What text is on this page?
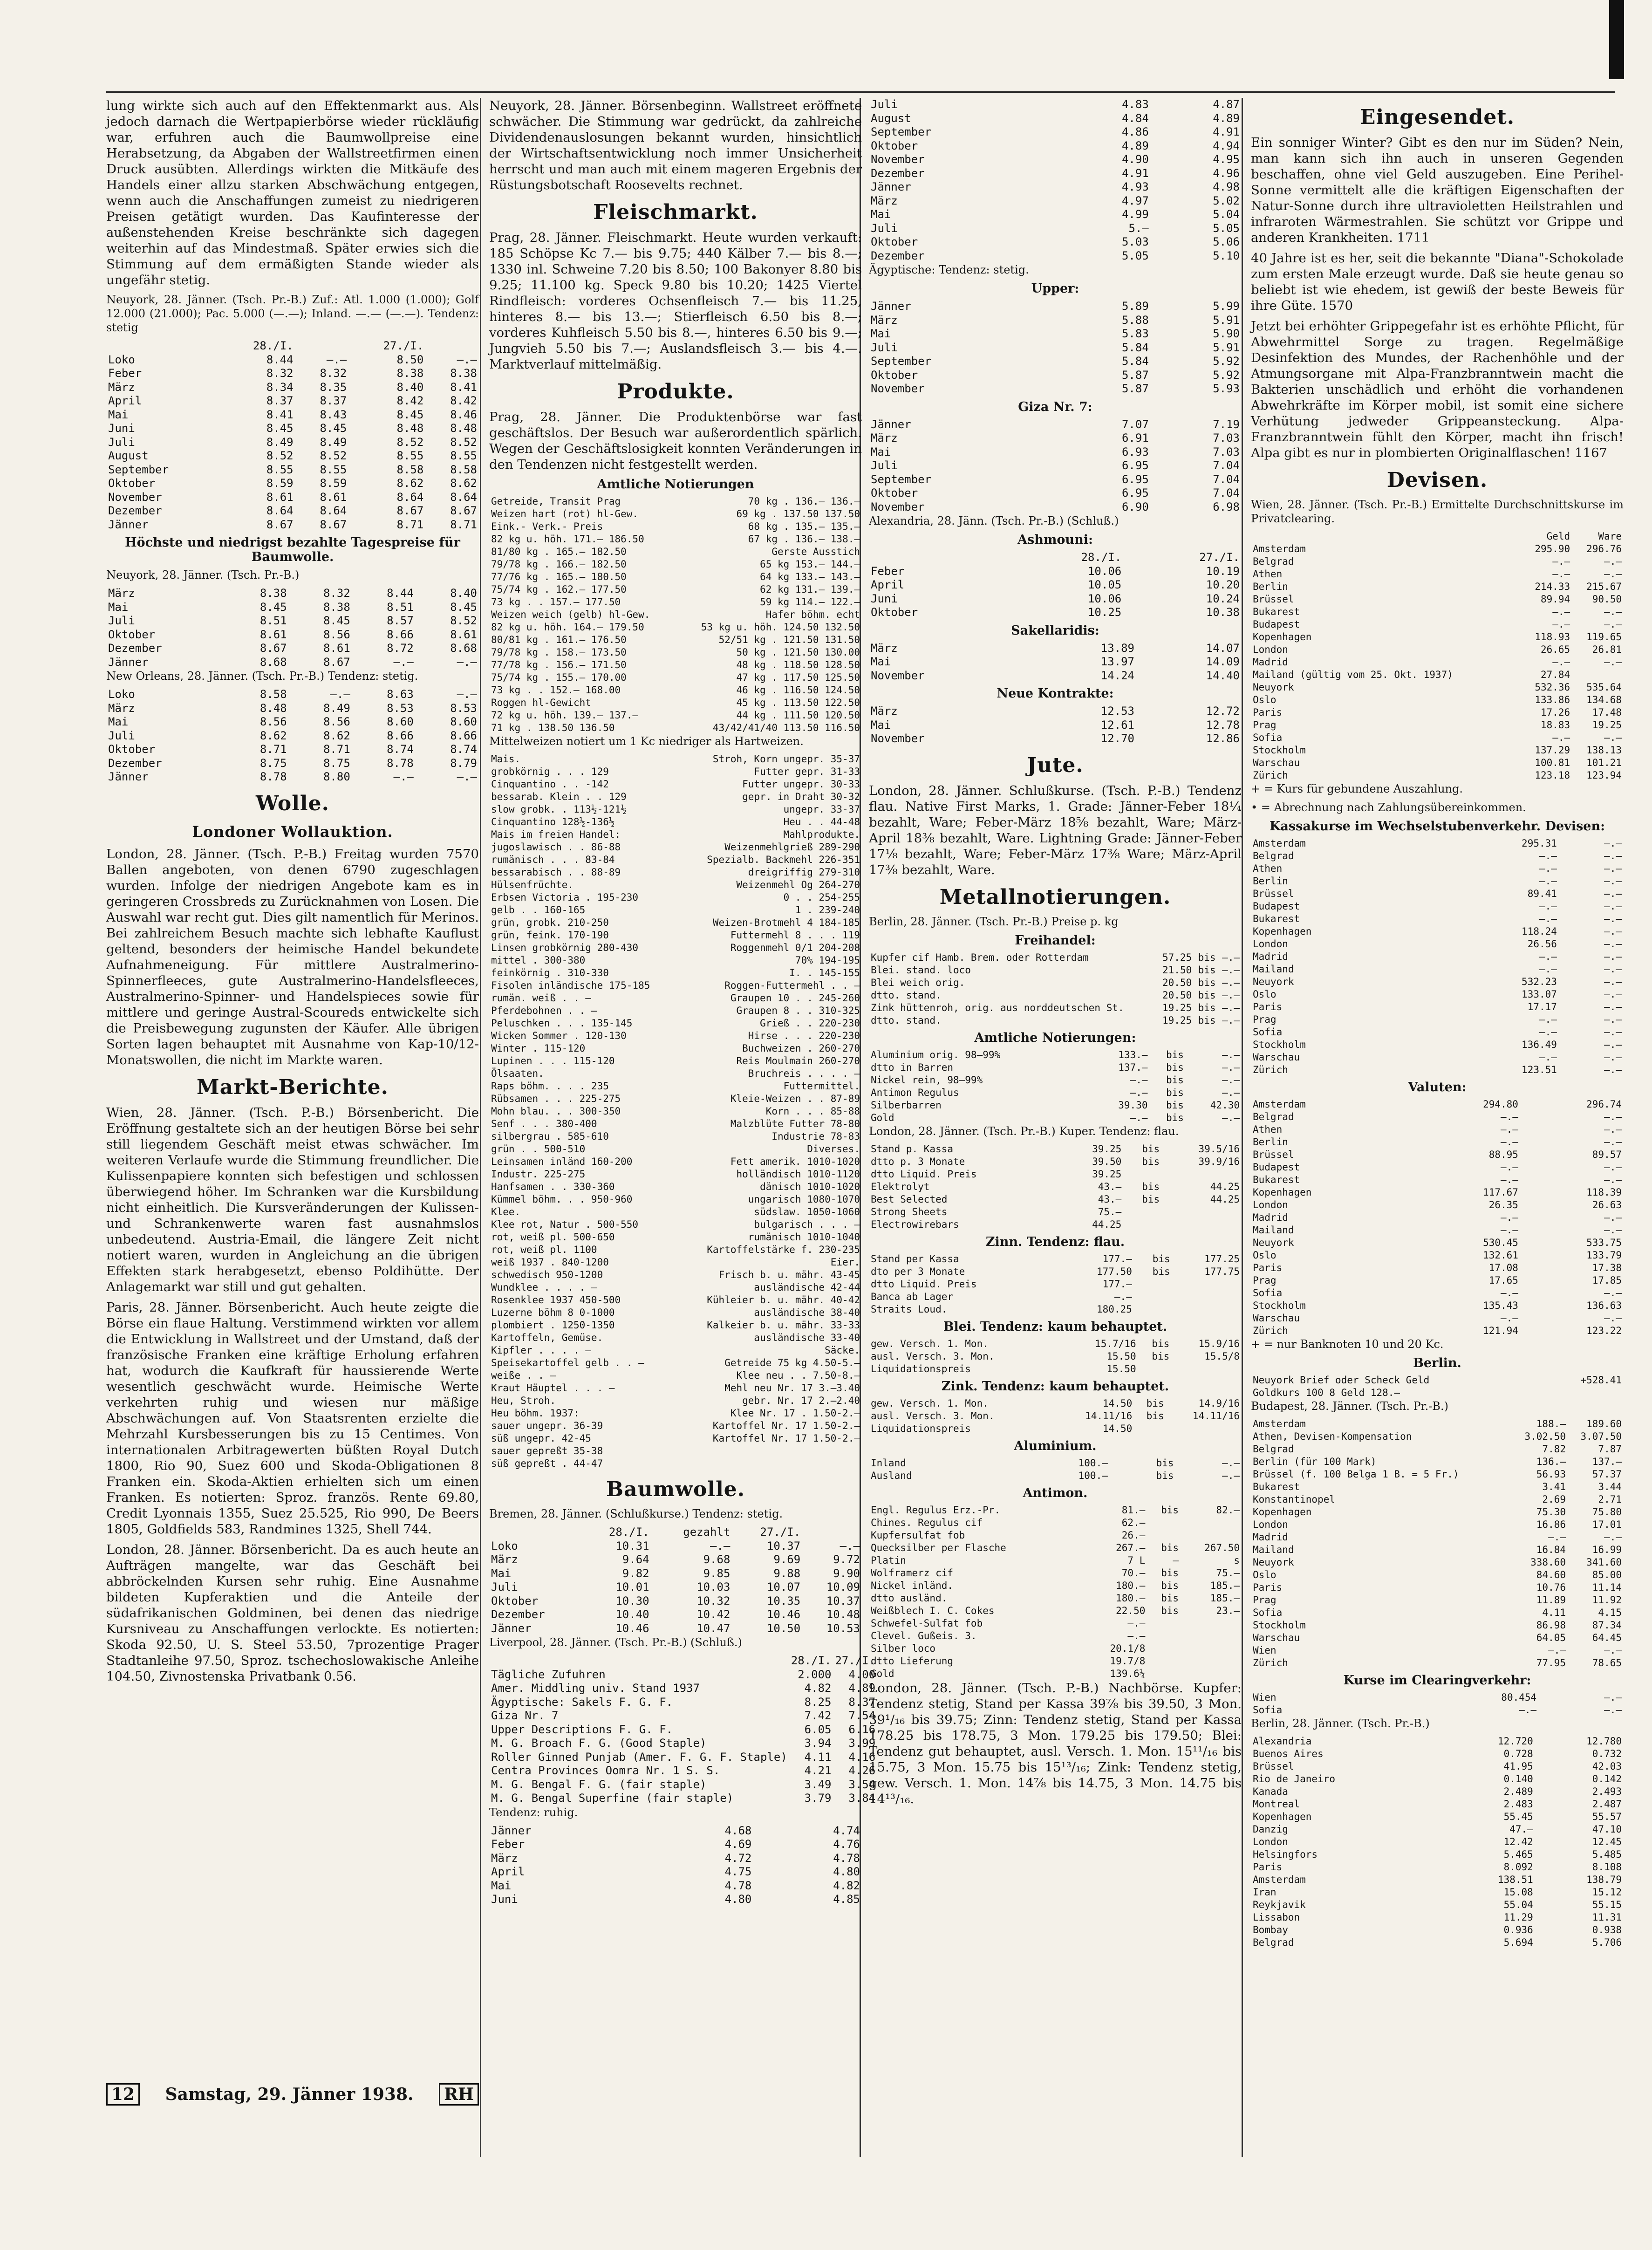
lung wirkte sich auch auf den Effektenmarkt aus. Als jedoch darnach die Wertpapierbörse wieder rückläufig war, erfuhren auch die Baumwollpreise eine Herabsetzung, da Abgaben der Wallstreetfirmen einen Druck ausübten. Allerdings wirkten die Mitkäufe des Handels einer allzu starken Abschwächung entgegen, wenn auch die Anschaffungen zumeist zu niedrigeren Preisen getätigt wurden. Das Kaufinteresse der außenstehenden Kreise beschränkte sich dagegen weiterhin auf das Mindestmaß. Später erwies sich die Stimmung auf dem ermäßigten Stande wieder als ungefähr stetig.

Neuyork, 28. Jänner. (Tsch. Pr.-B.) Zuf.: Atl. 1.000 (1.000); Golf 12.000 (21.000); Pac. 5.000 (—.—); Inland. —.— (—.—). Tendenz: stetig

	28./I.		27./I.	
Loko	8.44	—.—	8.50	—.—
Feber	8.32	8.32	8.38	8.38
März	8.34	8.35	8.40	8.41
April	8.37	8.37	8.42	8.42
Mai	8.41	8.43	8.45	8.46
Juni	8.45	8.45	8.48	8.48
Juli	8.49	8.49	8.52	8.52
August	8.52	8.52	8.55	8.55
September	8.55	8.55	8.58	8.58
Oktober	8.59	8.59	8.62	8.62
November	8.61	8.61	8.64	8.64
Dezember	8.64	8.64	8.67	8.67
Jänner	8.67	8.67	8.71	8.71

Höchste und niedrigst bezahlte Tagespreise für Baumwolle.

Neuyork, 28. Jänner. (Tsch. Pr.-B.)

März	8.38	8.32	8.44	8.40
Mai	8.45	8.38	8.51	8.45
Juli	8.51	8.45	8.57	8.52
Oktober	8.61	8.56	8.66	8.61
Dezember	8.67	8.61	8.72	8.68
Jänner	8.68	8.67	—.—	—.—

New Orleans, 28. Jänner. (Tsch. Pr.-B.) Tendenz: stetig.

Loko	8.58	—.—	8.63	—.—
März	8.48	8.49	8.53	8.53
Mai	8.56	8.56	8.60	8.60
Juli	8.62	8.62	8.66	8.66
Oktober	8.71	8.71	8.74	8.74
Dezember	8.75	8.75	8.78	8.79
Jänner	8.78	8.80	—.—	—.—
Wolle.
Londoner Wollauktion.

London, 28. Jänner. (Tsch. P.-B.) Freitag wurden 7570 Ballen angeboten, von denen 6790 zugeschlagen wurden. Infolge der niedrigen Angebote kam es in geringeren Crossbreds zu Zurücknahmen von Losen. Die Auswahl war recht gut. Dies gilt namentlich für Merinos. Bei zahlreichem Besuch machte sich lebhafte Kauflust geltend, besonders der heimische Handel bekundete Aufnahmeneigung. Für mittlere Australmerino-Spinnerfleeces, gute Australmerino-Handelsfleeces, Australmerino-Spinner- und Handelspieces sowie für mittlere und geringe Austral-Scoureds entwickelte sich die Preisbewegung zugunsten der Käufer. Alle übrigen Sorten lagen behauptet mit Ausnahme von Kap-10/12-Monatswollen, die nicht im Markte waren.

Markt-Berichte.

Wien, 28. Jänner. (Tsch. P.-B.) Börsenbericht. Die Eröffnung gestaltete sich an der heutigen Börse bei sehr still liegendem Geschäft meist etwas schwächer. Im weiteren Verlaufe wurde die Stimmung freundlicher. Die Kulissenpapiere konnten sich befestigen und schlossen überwiegend höher. Im Schranken war die Kursbildung nicht einheitlich. Die Kursveränderungen der Kulissen- und Schrankenwerte waren fast ausnahmslos unbedeutend. Austria-Email, die längere Zeit nicht notiert waren, wurden in Angleichung an die übrigen Effekten stark herabgesetzt, ebenso Poldihütte. Der Anlagemarkt war still und gut gehalten.

Paris, 28. Jänner. Börsenbericht. Auch heute zeigte die Börse ein flaue Haltung. Verstimmend wirkten vor allem die Entwicklung in Wallstreet und der Umstand, daß der französische Franken eine kräftige Erholung erfahren hat, wodurch die Kaufkraft für haussierende Werte wesentlich geschwächt wurde. Heimische Werte verkehrten ruhig und wiesen nur mäßige Abschwächungen auf. Von Staatsrenten erzielte die Mehrzahl Kursbesserungen bis zu 15 Centimes. Von internationalen Arbitragewerten büßten Royal Dutch 1800, Rio 90, Suez 600 und Skoda-Obligationen 8 Franken ein. Skoda-Aktien erhielten sich um einen Franken. Es notierten: Sproz. französ. Rente 69.80, Credit Lyonnais 1355, Suez 25.525, Rio 990, De Beers 1805, Goldfields 583, Randmines 1325, Shell 744.

London, 28. Jänner. Börsenbericht. Da es auch heute an Aufträgen mangelte, war das Geschäft bei abbröckelnden Kursen sehr ruhig. Eine Ausnahme bildeten Kupferaktien und die Anteile der südafrikanischen Goldminen, bei denen das niedrige Kursniveau zu Anschaffungen verlockte. Es notierten: Skoda 92.50, U. S. Steel 53.50, 7prozentige Prager Stadtanleihe 97.50, Sproz. tschechoslowakische Anleihe 104.50, Zivnostenska Privatbank 0.56.

12	Samstag, 29. Jänner 1938.	RH

Neuyork, 28. Jänner. Börsenbeginn. Wallstreet eröffnete schwächer. Die Stimmung war gedrückt, da zahlreiche Dividendenauslosungen bekannt wurden, hinsichtlich der Wirtschaftsentwicklung noch immer Unsicherheit herrscht und man auch mit einem mageren Ergebnis der Rüstungsbotschaft Roosevelts rechnet.

Fleischmarkt.

Prag, 28. Jänner. Fleischmarkt. Heute wurden verkauft: 185 Schöpse Kc 7.— bis 9.75; 440 Kälber 7.— bis 8.—; 1330 inl. Schweine 7.20 bis 8.50; 100 Bakonyer 8.80 bis 9.25; 11.100 kg. Speck 9.80 bis 10.20; 1425 Viertel Rindfleisch: vorderes Ochsenfleisch 7.— bis 11.25, hinteres 8.— bis 13.—; Stierfleisch 6.50 bis 8.—; vorderes Kuhfleisch 5.50 bis 8.—, hinteres 6.50 bis 9.—; Jungvieh 5.50 bis 7.—; Auslandsfleisch 3.— bis 4.—. Marktverlauf mittelmäßig.

Produkte.

Prag, 28. Jänner. Die Produktenbörse war fast geschäftslos. Der Besuch war außerordentlich spärlich. Wegen der Geschäftslosigkeit konnten Veränderungen in den Tendenzen nicht festgestellt werden.

Amtliche Notierungen

Getreide, Transit Prag	70 kg . 136.— 136.—
Weizen hart (rot) hl-Gew.	69 kg . 137.50 137.50
Eink.- Verk.- Preis	68 kg . 135.— 135.—
82 kg u. höh. 171.— 186.50	67 kg . 136.— 138.—
81/80 kg . 165.— 182.50	Gerste Ausstich
79/78 kg . 166.— 182.50	65 kg 153.— 144.—
77/76 kg . 165.— 180.50	64 kg 133.— 143.—
75/74 kg . 162.— 177.50	62 kg 131.— 139.—
73 kg . . 157.— 177.50	59 kg 114.— 122.—
Weizen weich (gelb) hl-Gew.	Hafer böhm. echt
82 kg u. höh. 164.— 179.50	53 kg u. höh. 124.50 132.50
80/81 kg . 161.— 176.50	52/51 kg . 121.50 131.50
79/78 kg . 158.— 173.50	50 kg . 121.50 130.00
77/78 kg . 156.— 171.50	48 kg . 118.50 128.50
75/74 kg . 155.— 170.00	47 kg . 117.50 125.50
73 kg . . 152.— 168.00	46 kg . 116.50 124.50
Roggen hl-Gewicht	45 kg . 113.50 122.50
72 kg u. höh. 139.— 137.—	44 kg . 111.50 120.50
71 kg . 138.50 136.50	43/42/41/40 113.50 116.50

Mittelweizen notiert um 1 Kc niedriger als Hartweizen.

Mais.	Stroh, Korn ungepr. 35-37
grobkörnig . . . 129	Futter gepr. 31-33
Cinquantino . . -142	Futter ungepr. 30-33
bessarab. Klein . . 129	gepr. in Draht 30-32
slow grobk. . 113½-121½	ungepr. 33-37
Cinquantino 128½-136½	Heu . . 44-48
Mais im freien Handel:	Mahlprodukte.
jugoslawisch . . 86-88	Weizenmehlgrieß 289-290
rumänisch . . . 83-84	Spezialb. Backmehl 226-351
bessarabisch . . 88-89	dreigriffig 279-310
Hülsenfrüchte.	Weizenmehl Og 264-270
Erbsen Victoria . 195-230	0 . . 254-255
gelb . . 160-165	1 . 239-240
grün, grobk. 210-250	Weizen-Brotmehl 4 184-185
grün, feink. 170-190	Futtermehl 8 . . . 119
Linsen grobkörnig 280-430	Roggenmehl 0/1 204-208
mittel . 300-380	70% 194-195
feinkörnig . 310-330	I. . 145-155
Fisolen inländische 175-185	Roggen-Futtermehl . . —
rumän. weiß . . —	Graupen 10 . . 245-260
Pferdebohnen . . —	Graupen 8 . . 310-325
Peluschken . . . 135-145	Grieß . . 220-230
Wicken Sommer . 120-130	Hirse . . . 220-230
Winter . 115-120	Buchweizen . 260-270
Lupinen . . . 115-120	Reis Moulmain 260-270
Ölsaaten.	Bruchreis . . . . —
Raps böhm. . . . 235	Futtermittel.
Rübsamen . . . 225-275	Kleie-Weizen . . 87-89
Mohn blau. . . 300-350	Korn . . . 85-88
Senf . . . 380-400	Malzblüte Futter 78-80
silbergrau . 585-610	Industrie 78-83
grün . . 500-510	Diverses.
Leinsamen inländ 160-200	Fett amerik. 1010-1020
Industr. 225-275	holländisch 1010-1120
Hanfsamen . . 330-360	dänisch 1010-1020
Kümmel böhm. . . 950-960	ungarisch 1080-1070
Klee.	südslaw. 1050-1060
Klee rot, Natur . 500-550	bulgarisch . . . —
rot, weiß pl. 500-650	rumänisch 1010-1040
rot, weiß pl. 1100	Kartoffelstärke f. 230-235
weiß 1937 . 840-1200	Eier.
schwedisch 950-1200	Frisch b. u. mähr. 43-45
Wundklee . . . . —	ausländische 42-44
Rosenklee 1937 450-500	Kühleier b. u. mähr. 40-42
Luzerne böhm 8 0-1000	ausländische 38-40
plombiert . 1250-1350	Kalkeier b. u. mähr. 33-33
Kartoffeln, Gemüse.	ausländische 33-40
Kipfler . . . . —	Säcke.
Speisekartoffel gelb . . —	Getreide 75 kg 4.50-5.—
weiße . . —	Klee neu . . 7.50-8.—
Kraut Häuptel . . . —	Mehl neu Nr. 17 3.—3.40
Heu, Stroh.	gebr. Nr. 17 2.—2.40
Heu böhm. 1937:	Klee Nr. 17 . 1.50-2.—
sauer ungepr. 36-39	Kartoffel Nr. 17 1.50-2.—
süß ungepr. 42-45	Kartoffel Nr. 17 1.50-2.—
sauer gepreßt 35-38	
süß gepreßt . 44-47	
Baumwolle.

Bremen, 28. Jänner. (Schlußkurse.) Tendenz: stetig.

	28./I.	gezahlt	27./I.	
Loko	10.31	—.—	10.37	—.—
März	9.64	9.68	9.69	9.72
Mai	9.82	9.85	9.88	9.90
Juli	10.01	10.03	10.07	10.09
Oktober	10.30	10.32	10.35	10.37
Dezember	10.40	10.42	10.46	10.48
Jänner	10.46	10.47	10.50	10.53

Liverpool, 28. Jänner. (Tsch. Pr.-B.) (Schluß.)

	28./I.	27./I.
Tägliche Zufuhren	2.000	4.00
Amer. Middling univ. Stand 1937	4.82	4.89
Ägyptische: Sakels F. G. F.	8.25	8.37
Giza Nr. 7	7.42	7.54
Upper Descriptions F. G. F.	6.05	6.16
M. G. Broach F. G. (Good Staple)	3.94	3.99
Roller Ginned Punjab (Amer. F. G. F. Staple)	4.11	4.16
Centra Provinces Oomra Nr. 1 S. S.	4.21	4.26
M. G. Bengal F. G. (fair staple)	3.49	3.54
M. G. Bengal Superfine (fair staple)	3.79	3.84

Tendenz: ruhig.

Jänner	4.68	4.74
Feber	4.69	4.76
März	4.72	4.78
April	4.75	4.80
Mai	4.78	4.82
Juni	4.80	4.85
Juli	4.83	4.87
August	4.84	4.89
September	4.86	4.91
Oktober	4.89	4.94
November	4.90	4.95
Dezember	4.91	4.96
Jänner	4.93	4.98
März	4.97	5.02
Mai	4.99	5.04
Juli	5.—	5.05
Oktober	5.03	5.06
Dezember	5.05	5.10

Ägyptische: Tendenz: stetig.

Upper:

Jänner	5.89	5.99
März	5.88	5.91
Mai	5.83	5.90
Juli	5.84	5.91
September	5.84	5.92
Oktober	5.87	5.92
November	5.87	5.93

Giza Nr. 7:

Jänner	7.07	7.19
März	6.91	7.03
Mai	6.93	7.03
Juli	6.95	7.04
September	6.95	7.04
Oktober	6.95	7.04
November	6.90	6.98

Alexandria, 28. Jänn. (Tsch. Pr.-B.) (Schluß.)

Ashmouni:

	28./I.	27./I.
Feber	10.06	10.19
April	10.05	10.20
Juni	10.06	10.24
Oktober	10.25	10.38

Sakellaridis:

März	13.89	14.07
Mai	13.97	14.09
November	14.24	14.40

Neue Kontrakte:

März	12.53	12.72
Mai	12.61	12.78
November	12.70	12.86
Jute.

London, 28. Jänner. Schlußkurse. (Tsch. P.-B.) Tendenz flau. Native First Marks, 1. Grade: Jänner-Feber 18¼ bezahlt, Ware; Feber-März 18⅝ bezahlt, Ware; März-April 18⅜ bezahlt, Ware. Lightning Grade: Jänner-Feber 17⅛ bezahlt, Ware; Feber-März 17⅜ Ware; März-April 17⅜ bezahlt, Ware.

Metallnotierungen.

Berlin, 28. Jänner. (Tsch. Pr.-B.) Preise p. kg

Freihandel:

Kupfer cif Hamb. Brem. oder Rotterdam	57.25	bis	—.—
Blei. stand. loco	21.50	bis	—.—
Blei weich orig.	20.50	bis	—.—
dtto. stand.	20.50	bis	—.—
Zink hüttenroh, orig. aus norddeutschen St.	19.25	bis	—.—
dtto. stand.	19.25	bis	—.—

Amtliche Notierungen:

Aluminium orig. 98—99%	133.—	bis	—.—
dtto in Barren	137.—	bis	—.—
Nickel rein, 98—99%	—.—	bis	—.—
Antimon Regulus	—.—	bis	—.—
Silberbarren	39.30	bis	42.30
Gold	—.—	bis	—.—

London, 28. Jänner. (Tsch. Pr.-B.) Kuper. Tendenz: flau.

Stand p. Kassa	39.25	bis	39.5/16
dtto p. 3 Monate	39.50	bis	39.9/16
dtto Liquid. Preis	39.25		
Elektrolyt	43.—	bis	44.25
Best Selected	43.—	bis	44.25
Strong Sheets	75.—		
Electrowirebars	44.25		

Zinn. Tendenz: flau.

Stand per Kassa	177.—	bis	177.25
dto per 3 Monate	177.50	bis	177.75
dtto Liquid. Preis	177.—		
Banca ab Lager	—.—		
Straits Loud.	180.25		

Blei. Tendenz: kaum behauptet.

gew. Versch. 1. Mon.	15.7/16	bis	15.9/16
ausl. Versch. 3. Mon.	15.50	bis	15.5/8
Liquidationspreis	15.50		

Zink. Tendenz: kaum behauptet.

gew. Versch. 1. Mon.	14.50	bis	14.9/16
ausl. Versch. 3. Mon.	14.11/16	bis	14.11/16
Liquidationspreis	14.50		

Aluminium.

Inland	100.—	bis	—.—
Ausland	100.—	bis	—.—

Antimon.

Engl. Regulus Erz.-Pr.	81.—	bis	82.—
Chines. Regulus cif	62.—		
Kupfersulfat fob	26.—		
Quecksilber per Flasche	267.—	bis	267.50
Platin	7 L	—	s
Wolframerz cif	70.—	bis	75.—
Nickel inländ.	180.—	bis	185.—
dtto ausländ.	180.—	bis	185.—
Weißblech I. C. Cokes	22.50	bis	23.—
Schwefel-Sulfat fob	—.—		
Clevel. Gußeis. 3.	—.—		
Silber loco	20.1/8		
dtto Lieferung	19.7/8		
Gold	139.6¼		

London, 28. Jänner. (Tsch. P.-B.) Nachbörse. Kupfer: Tendenz stetig, Stand per Kassa 39⅞ bis 39.50, 3 Mon. 39¹/₁₆ bis 39.75; Zinn: Tendenz stetig, Stand per Kassa 178.25 bis 178.75, 3 Mon. 179.25 bis 179.50; Blei: Tendenz gut behauptet, ausl. Versch. 1. Mon. 15¹¹/₁₆ bis 15.75, 3 Mon. 15.75 bis 15¹³/₁₆; Zink: Tendenz stetig, gew. Versch. 1. Mon. 14⅞ bis 14.75, 3 Mon. 14.75 bis 14¹³/₁₆.

Eingesendet.

Ein sonniger Winter? Gibt es den nur im Süden? Nein, man kann sich ihn auch in unseren Gegenden beschaffen, ohne viel Geld auszugeben. Eine Perihel-Sonne vermittelt alle die kräftigen Eigenschaften der Natur-Sonne durch ihre ultravioletten Heilstrahlen und infraroten Wärmestrahlen. Sie schützt vor Grippe und anderen Krankheiten. 1711

40 Jahre ist es her, seit die bekannte "Diana"-Schokolade zum ersten Male erzeugt wurde. Daß sie heute genau so beliebt ist wie ehedem, ist gewiß der beste Beweis für ihre Güte. 1570

Jetzt bei erhöhter Grippegefahr ist es erhöhte Pflicht, für Abwehrmittel Sorge zu tragen. Regelmäßige Desinfektion des Mundes, der Rachenhöhle und der Atmungsorgane mit Alpa-Franzbranntwein macht die Bakterien unschädlich und erhöht die vorhandenen Abwehrkräfte im Körper mobil, ist somit eine sichere Verhütung jedweder Grippeansteckung. Alpa-Franzbranntwein fühlt den Körper, macht ihn frisch! Alpa gibt es nur in plombierten Originalflaschen! 1167

Devisen.

Wien, 28. Jänner. (Tsch. Pr.-B.) Ermittelte Durchschnittskurse im Privatclearing.

	Geld	Ware
Amsterdam	295.90	296.76
Belgrad	—.—	—.—
Athen	—.—	—.—
Berlin	214.33	215.67
Brüssel	89.94	90.50
Bukarest	—.—	—.—
Budapest	—.—	—.—
Kopenhagen	118.93	119.65
London	26.65	26.81
Madrid	—.—	—.—
Mailand (gültig vom 25. Okt. 1937)	27.84	
Neuyork	532.36	535.64
Oslo	133.86	134.68
Paris	17.26	17.48
Prag	18.83	19.25
Sofia	—.—	—.—
Stockholm	137.29	138.13
Warschau	100.81	101.21
Zürich	123.18	123.94

+ = Kurs für gebundene Auszahlung.

• = Abrechnung nach Zahlungsübereinkommen.

Kassakurse im Wechselstubenverkehr. Devisen:

Amsterdam	295.31	—.—
Belgrad	—.—	—.—
Athen	—.—	—.—
Berlin	—.—	—.—
Brüssel	89.41	—.—
Budapest	—.—	—.—
Bukarest	—.—	—.—
Kopenhagen	118.24	—.—
London	26.56	—.—
Madrid	—.—	—.—
Mailand	—.—	—.—
Neuyork	532.23	—.—
Oslo	133.07	—.—
Paris	17.17	—.—
Prag	—.—	—.—
Sofia	—.—	—.—
Stockholm	136.49	—.—
Warschau	—.—	—.—
Zürich	123.51	—.—

Valuten:

Amsterdam	294.80	296.74
Belgrad	—.—	—.—
Athen	—.—	—.—
Berlin	—.—	—.—
Brüssel	88.95	89.57
Budapest	—.—	—.—
Bukarest	—.—	—.—
Kopenhagen	117.67	118.39
London	26.35	26.63
Madrid	—.—	—.—
Mailand	—.—	—.—
Neuyork	530.45	533.75
Oslo	132.61	133.79
Paris	17.08	17.38
Prag	17.65	17.85
Sofia	—.—	—.—
Stockholm	135.43	136.63
Warschau	—.—	—.—
Zürich	121.94	123.22

+ = nur Banknoten 10 und 20 Kc.

Berlin.

Neuyork Brief oder Scheck Geld	+528.41
Goldkurs 100 8 Geld 128.—	

Budapest, 28. Jänner. (Tsch. Pr.-B.)

Amsterdam	188.—	189.60
Athen, Devisen-Kompensation	3.02.50	3.07.50
Belgrad	7.82	7.87
Berlin (für 100 Mark)	136.—	137.—
Brüssel (f. 100 Belga 1 B. = 5 Fr.)	56.93	57.37
Bukarest	3.41	3.44
Konstantinopel	2.69	2.71
Kopenhagen	75.30	75.80
London	16.86	17.01
Madrid	—.—	—.—
Mailand	16.84	16.99
Neuyork	338.60	341.60
Oslo	84.60	85.00
Paris	10.76	11.14
Prag	11.89	11.92
Sofia	4.11	4.15
Stockholm	86.98	87.34
Warschau	64.05	64.45
Wien	—.—	—.—
Zürich	77.95	78.65

Kurse im Clearingverkehr:

Wien	80.454	—.—
Sofia	—.—	—.—

Berlin, 28. Jänner. (Tsch. Pr.-B.)

Alexandria	12.720	12.780
Buenos Aires	0.728	0.732
Brüssel	41.95	42.03
Rio de Janeiro	0.140	0.142
Kanada	2.489	2.493
Montreal	2.483	2.487
Kopenhagen	55.45	55.57
Danzig	47.—	47.10
London	12.42	12.45
Helsingfors	5.465	5.485
Paris	8.092	8.108
Amsterdam	138.51	138.79
Iran	15.08	15.12
Reykjavik	55.04	55.15
Lissabon	11.29	11.31
Bombay	0.936	0.938
Belgrad	5.694	5.706
